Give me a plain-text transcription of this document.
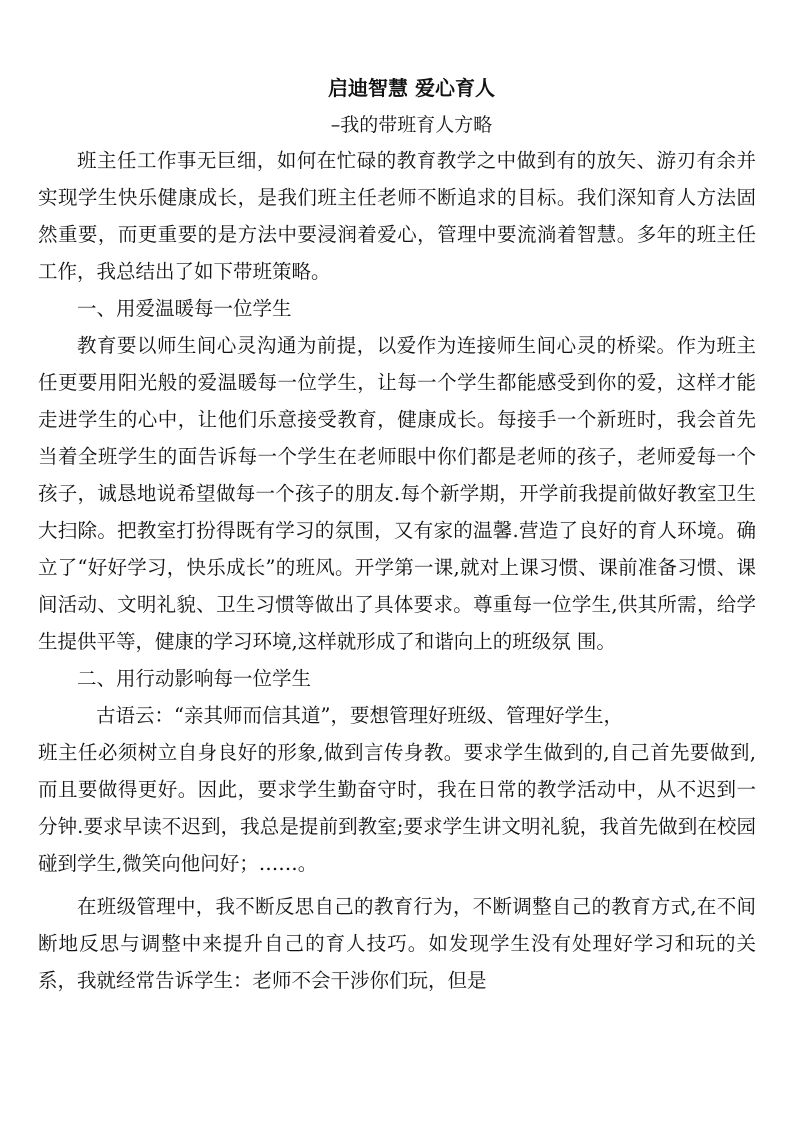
启迪智慧 爱心育人
–我的带班育人方略

班主任工作事无巨细，如何在忙碌的教育教学之中做到有的放矢、游刃有余并实现学生快乐健康成长，是我们班主任老师不断追求的目标。我们深知育人方法固然重要，而更重要的是方法中要浸润着爱心，管理中要流淌着智慧。多年的班主任工作，我总结出了如下带班策略。

一、用爱温暖每一位学生

教育要以师生间心灵沟通为前提，以爱作为连接师生间心灵的桥梁。作为班主任更要用阳光般的爱温暖每一位学生，让每一个学生都能感受到你的爱，这样才能走进学生的心中，让他们乐意接受教育，健康成长。每接手一个新班时，我会首先当着全班学生的面告诉每一个学生在老师眼中你们都是老师的孩子，老师爱每一个孩子，诚恳地说希望做每一个孩子的朋友.每个新学期，开学前我提前做好教室卫生大扫除。把教室打扮得既有学习的氛围，又有家的温馨.营造了良好的育人环境。确立了“好好学习，快乐成长”的班风。开学第一课,就对上课习惯、课前准备习惯、课间活动、文明礼貌、卫生习惯等做出了具体要求。尊重每一位学生,供其所需，给学生提供平等，健康的学习环境,这样就形成了和谐向上的班级氛 围。

二、用行动影响每一位学生

古语云：“亲其师而信其道”，要想管理好班级、管理好学生，

班主任必须树立自身良好的形象,做到言传身教。要求学生做到的,自己首先要做到,而且要做得更好。因此，要求学生勤奋守时，我在日常的教学活动中，从不迟到一分钟.要求早读不迟到，我总是提前到教室;要求学生讲文明礼貌，我首先做到在校园碰到学生,微笑向他问好；……。

在班级管理中，我不断反思自己的教育行为，不断调整自己的教育方式,在不间断地反思与调整中来提升自己的育人技巧。如发现学生没有处理好学习和玩的关系，我就经常告诉学生：老师不会干涉你们玩，但是
